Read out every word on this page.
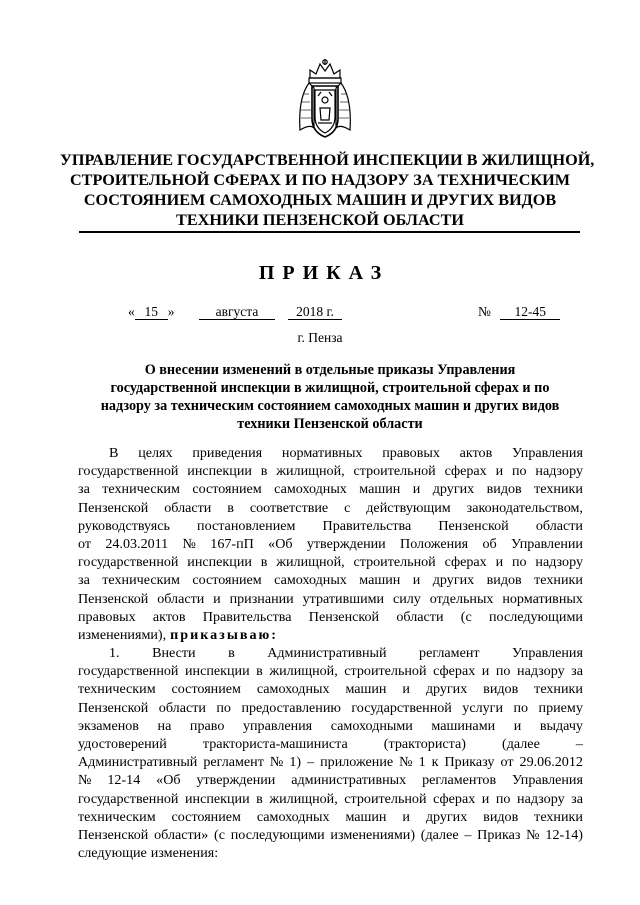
УПРАВЛЕНИЕ ГОСУДАРСТВЕННОЙ ИНСПЕКЦИИ В ЖИЛИЩНОЙ,
СТРОИТЕЛЬНОЙ СФЕРАХ И ПО НАДЗОРУ ЗА ТЕХНИЧЕСКИМ
СОСТОЯНИЕМ САМОХОДНЫХ МАШИН И ДРУГИХ ВИДОВ
ТЕХНИКИ ПЕНЗЕНСКОЙ ОБЛАСТИ
ПРИКАЗ
« 15 »	августа	2018 г.	№ 12-45
г. Пенза
О внесении изменений в отдельные приказы Управления
государственной инспекции в жилищной, строительной сферах и по
надзору за техническим состоянием самоходных машин и других видов
техники Пензенской области
В целях приведения нормативных правовых актов Управления
государственной инспекции в жилищной, строительной сферах и по надзору
за техническим состоянием самоходных машин и других видов техники
Пензенской области в соответствие с действующим законодательством,
руководствуясь постановлением Правительства Пензенской области
от 24.03.2011 № 167-пП «Об утверждении Положения об Управлении
государственной инспекции в жилищной, строительной сферах и по надзору
за техническим состоянием самоходных машин и других видов техники
Пензенской области и признании утратившими силу отдельных нормативных
правовых актов Правительства Пензенской области (с последующими
изменениями), приказываю:
1. Внести в Административный регламент Управления
государственной инспекции в жилищной, строительной сферах и по надзору за
техническим состоянием самоходных машин и других видов техники
Пензенской области по предоставлению государственной услуги по приему
экзаменов на право управления самоходными машинами и выдачу
удостоверений	тракториста-машиниста	(тракториста)	(далее	–
Административный регламент № 1) – приложение № 1 к Приказу от 29.06.2012
№ 12-14 «Об утверждении административных регламентов Управления
государственной инспекции в жилищной, строительной сферах и по надзору за
техническим состоянием самоходных машин и других видов техники
Пензенской области» (с последующими изменениями) (далее – Приказ № 12-14)
следующие изменения:
